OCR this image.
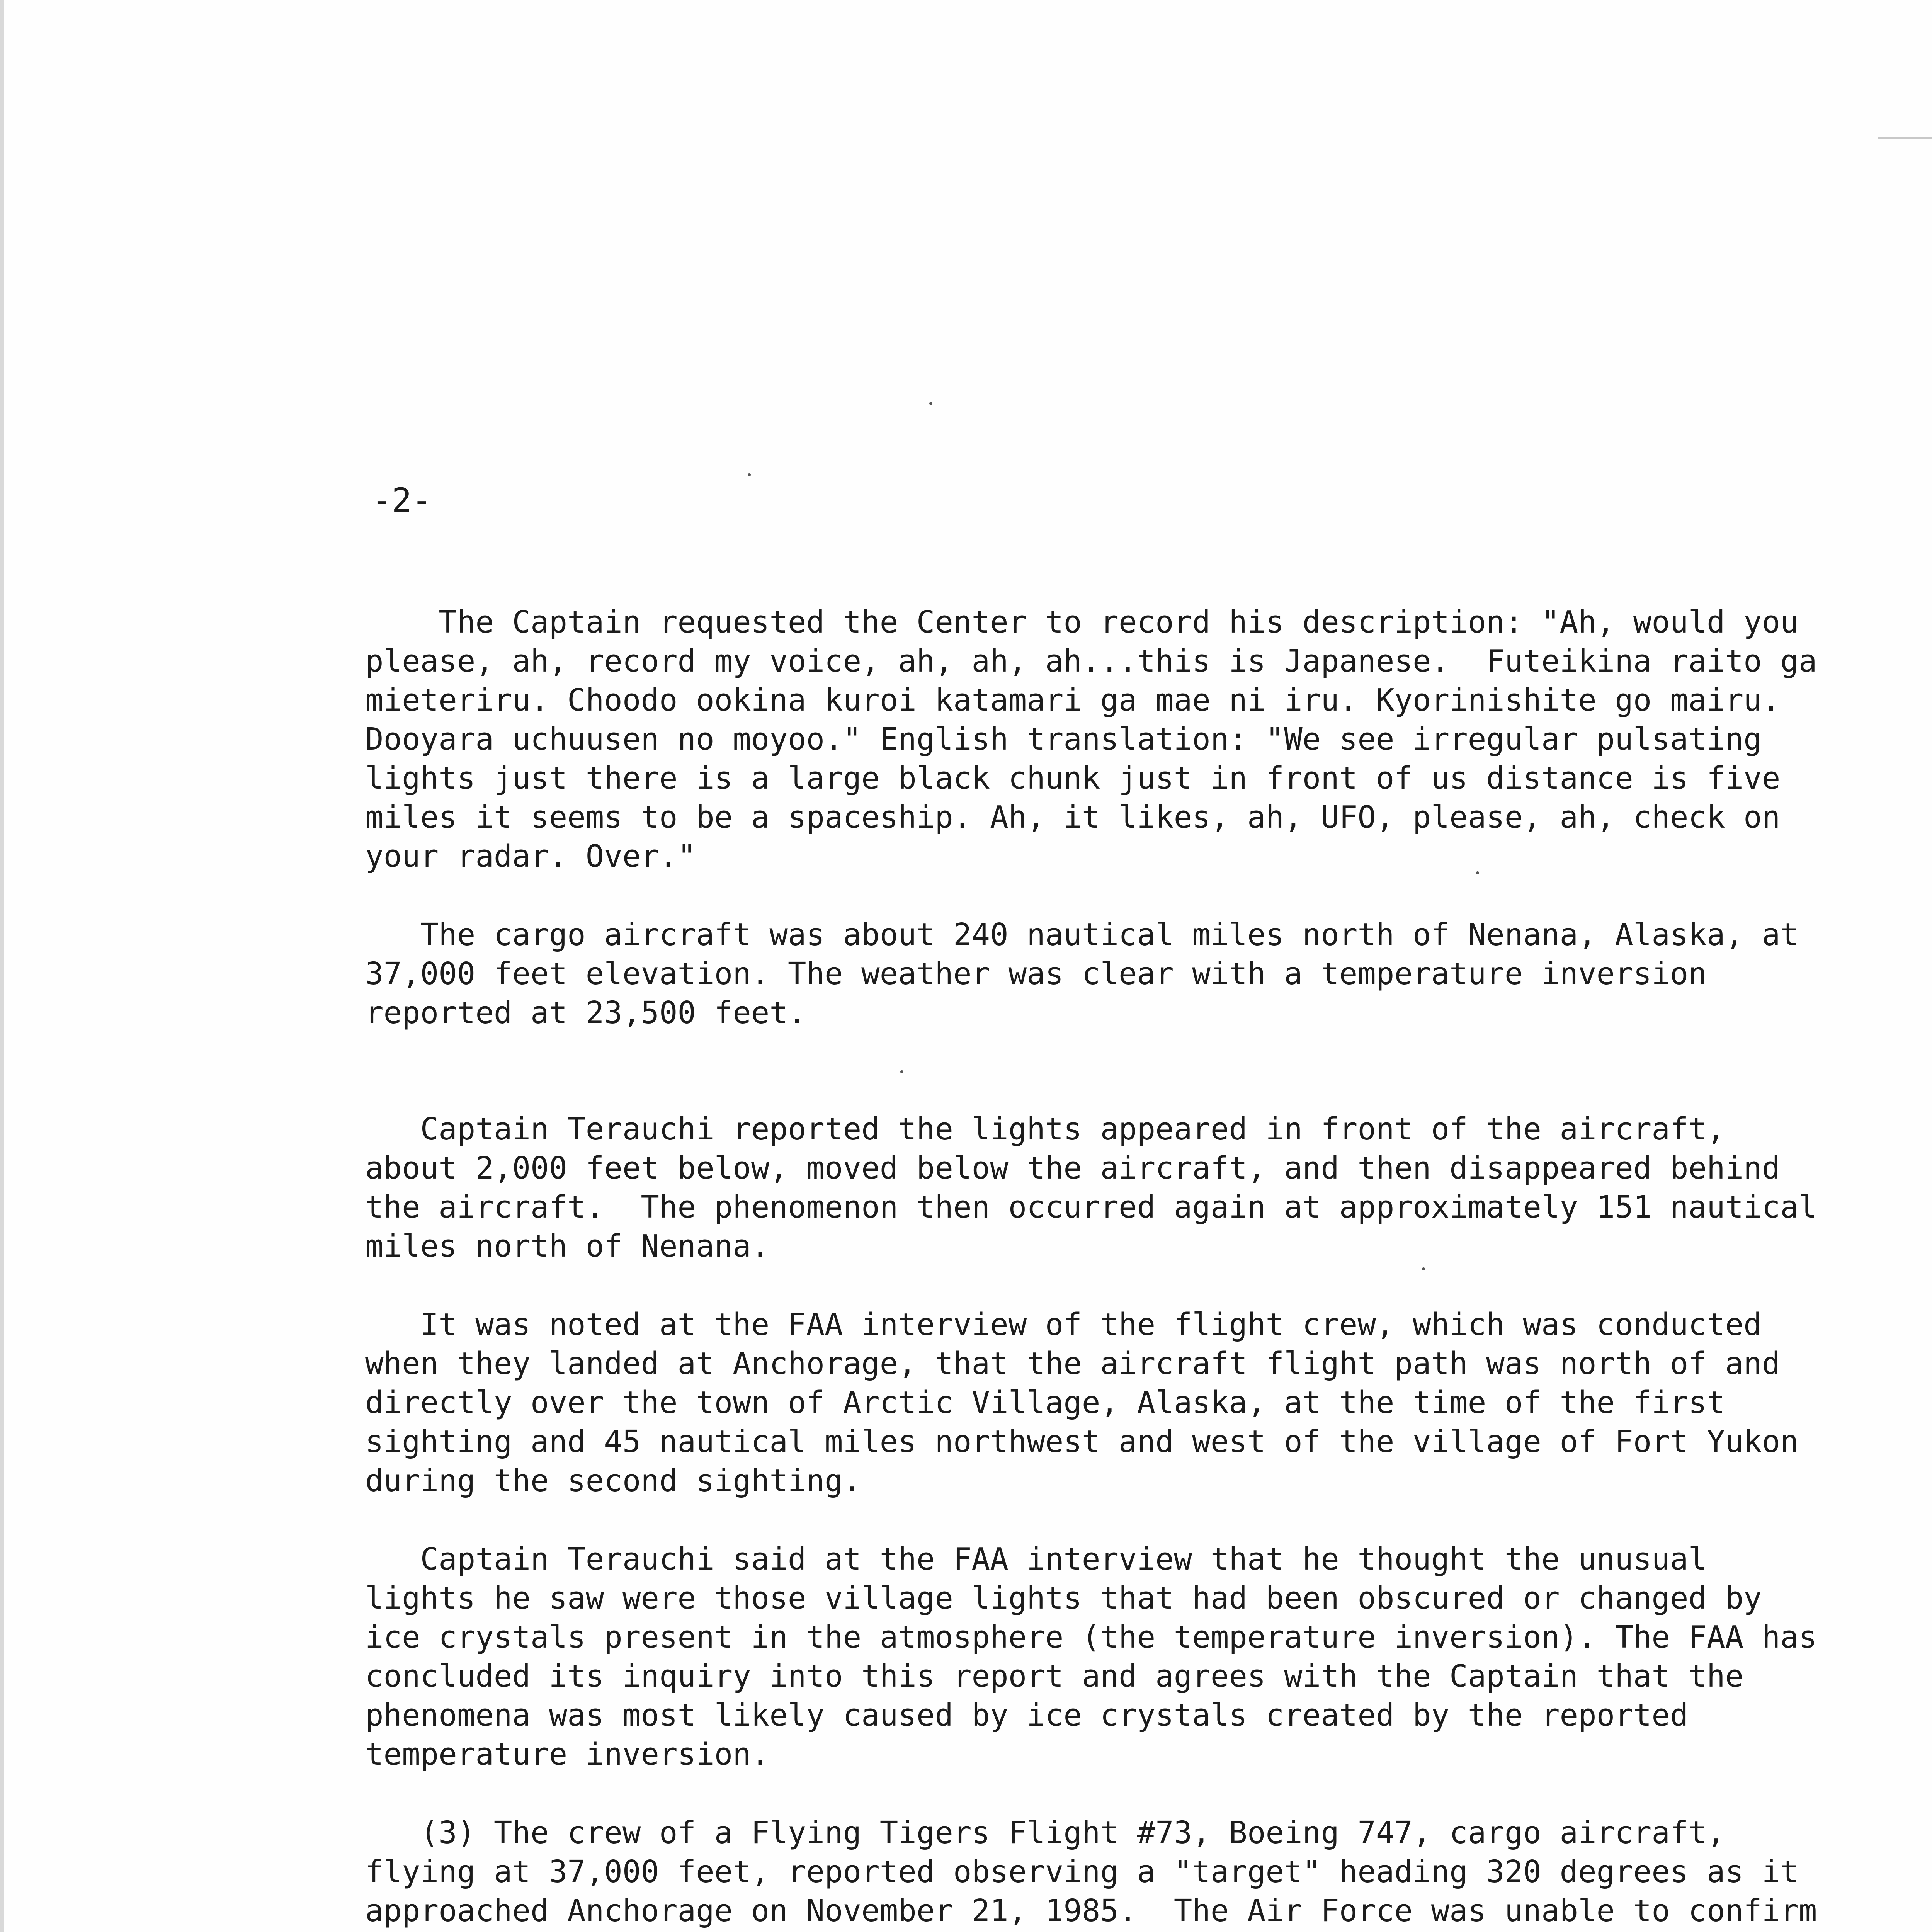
-2-

The Captain requested the Center to record his description: "Ah, would you
please, ah, record my voice, ah, ah, ah...this is Japanese.  Futeikina raito ga
mieteriru. Choodo ookina kuroi katamari ga mae ni iru. Kyorinishite go mairu.
Dooyara uchuusen no moyoo." English translation: "We see irregular pulsating
lights just there is a large black chunk just in front of us distance is five
miles it seems to be a spaceship. Ah, it likes, ah, UFO, please, ah, check on
your radar. Over."

The cargo aircraft was about 240 nautical miles north of Nenana, Alaska, at
37,000 feet elevation. The weather was clear with a temperature inversion
reported at 23,500 feet.

Captain Terauchi reported the lights appeared in front of the aircraft,
about 2,000 feet below, moved below the aircraft, and then disappeared behind
the aircraft.  The phenomenon then occurred again at approximately 151 nautical
miles north of Nenana.

It was noted at the FAA interview of the flight crew, which was conducted
when they landed at Anchorage, that the aircraft flight path was north of and
directly over the town of Arctic Village, Alaska, at the time of the first
sighting and 45 nautical miles northwest and west of the village of Fort Yukon
during the second sighting.

Captain Terauchi said at the FAA interview that he thought the unusual
lights he saw were those village lights that had been obscured or changed by
ice crystals present in the atmosphere (the temperature inversion). The FAA has
concluded its inquiry into this report and agrees with the Captain that the
phenomena was most likely caused by ice crystals created by the reported
temperature inversion.

(3) The crew of a Flying Tigers Flight #73, Boeing 747, cargo aircraft,
flying at 37,000 feet, reported observing a "target" heading 320 degrees as it
approached Anchorage on November 21, 1985.  The Air Force was unable to confirm
